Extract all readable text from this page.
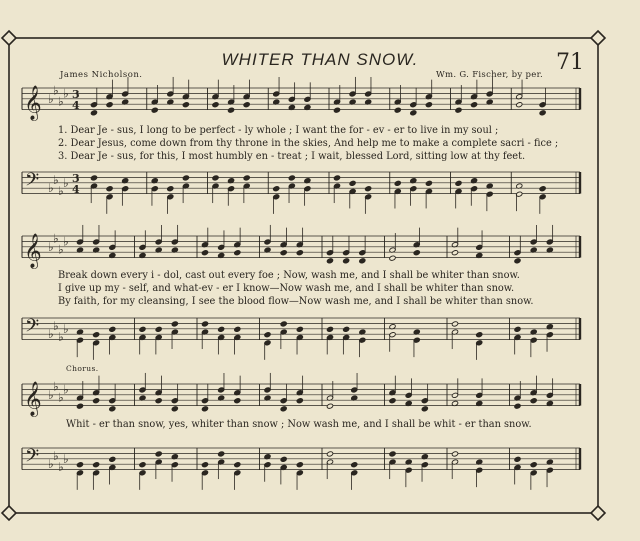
𝄞
𝄢
♭
♭
♭
♭
♭
♭
♭
♭
3
4
3
4
𝄞
𝄢
♭
♭
♭
♭
♭
♭
♭
♭
𝄞
𝄢
♭
♭
♭
♭
♭
♭
♭
♭
WHITER THAN SNOW.	71
James Nicholson.	Wm. G. Fischer, by per.
Chorus.
1. Dear Je - sus, I long to be perfect - ly whole ; I want the for - ev - er to live in my soul ;
2. Dear Jesus, come down from thy throne in the skies, And help me to make a complete sacri - fice ;
3. Dear Je - sus, for this, I most humbly en - treat ; I wait, blessed Lord, sitting low at thy feet.
Break down every i - dol, cast out every foe ; Now, wash me, and I shall be whiter than snow.
I give up my - self, and what-ev - er I know—Now wash me, and I shall be whiter than snow.
By faith, for my cleansing, I see the blood flow—Now wash me, and I shall be whiter than snow.
Whit - er than snow, yes, whiter than snow ; Now wash me, and I shall be whit - er than snow.
